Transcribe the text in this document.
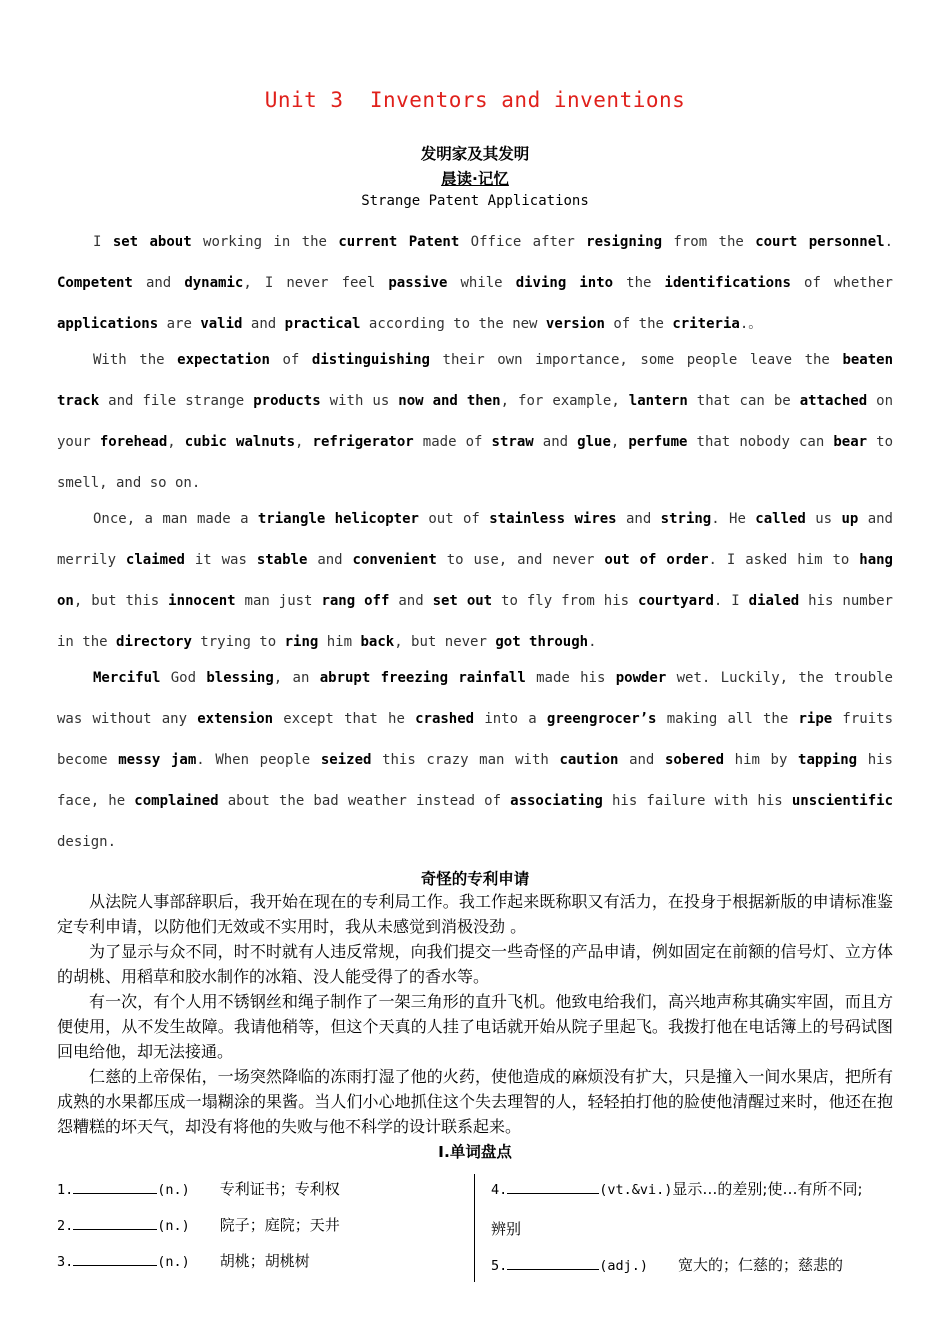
Unit 3  Inventors and inventions
发明家及其发明
晨读·记忆
Strange Patent Applications

I set about working in the current Patent Office after resigning from the court personnel. Competent and dynamic, I never feel passive while diving into the identifications of whether applications are valid and practical according to the new version of the criteria.。

With the expectation of distinguishing their own importance, some people leave the beaten track and file strange products with us now and then, for example, lantern that can be attached on your forehead, cubic walnuts, refrigerator made of straw and glue, perfume that nobody can bear to smell, and so on.

Once, a man made a triangle helicopter out of stainless wires and string. He called us up and merrily claimed it was stable and convenient to use, and never out of order. I asked him to hang on, but this innocent man just rang off and set out to fly from his courtyard. I dialed his number in the directory trying to ring him back, but never got through.

Merciful God blessing, an abrupt freezing rainfall made his powder wet. Luckily, the trouble was without any extension except that he crashed into a greengrocer’s making all the ripe fruits become messy jam. When people seized this crazy man with caution and sobered him by tapping his face, he complained about the bad weather instead of associating his failure with his unscientific design.

奇怪的专利申请

从法院人事部辞职后，我开始在现在的专利局工作。我工作起来既称职又有活力，在投身于根据新版的申请标准鉴定专利申请，以防他们无效或不实用时，我从未感觉到消极没劲 。

为了显示与众不同，时不时就有人违反常规，向我们提交一些奇怪的产品申请，例如固定在前额的信号灯、立方体的胡桃、用稻草和胶水制作的冰箱、没人能受得了的香水等。

有一次，有个人用不锈钢丝和绳子制作了一架三角形的直升飞机。他致电给我们，高兴地声称其确实牢固，而且方便使用，从不发生故障。我请他稍等，但这个天真的人挂了电话就开始从院子里起飞。我拨打他在电话簿上的号码试图回电给他，却无法接通。

仁慈的上帝保佑，一场突然降临的冻雨打湿了他的火药，使他造成的麻烦没有扩大，只是撞入一间水果店，把所有成熟的水果都压成一塌糊涂的果酱。当人们小心地抓住这个失去理智的人，轻轻拍打他的脸使他清醒过来时，他还在抱怨糟糕的坏天气，却没有将他的失败与他不科学的设计联系起来。

I.单词盘点
1.	(n.) 专利证书；专利权
2.	(n.) 院子；庭院；天井
3.	(n.) 胡桃；胡桃树
4.	(vt.&vi.)显示…的差别;使…有所不同;
辨别
5.	(adj.) 宽大的；仁慈的；慈悲的
